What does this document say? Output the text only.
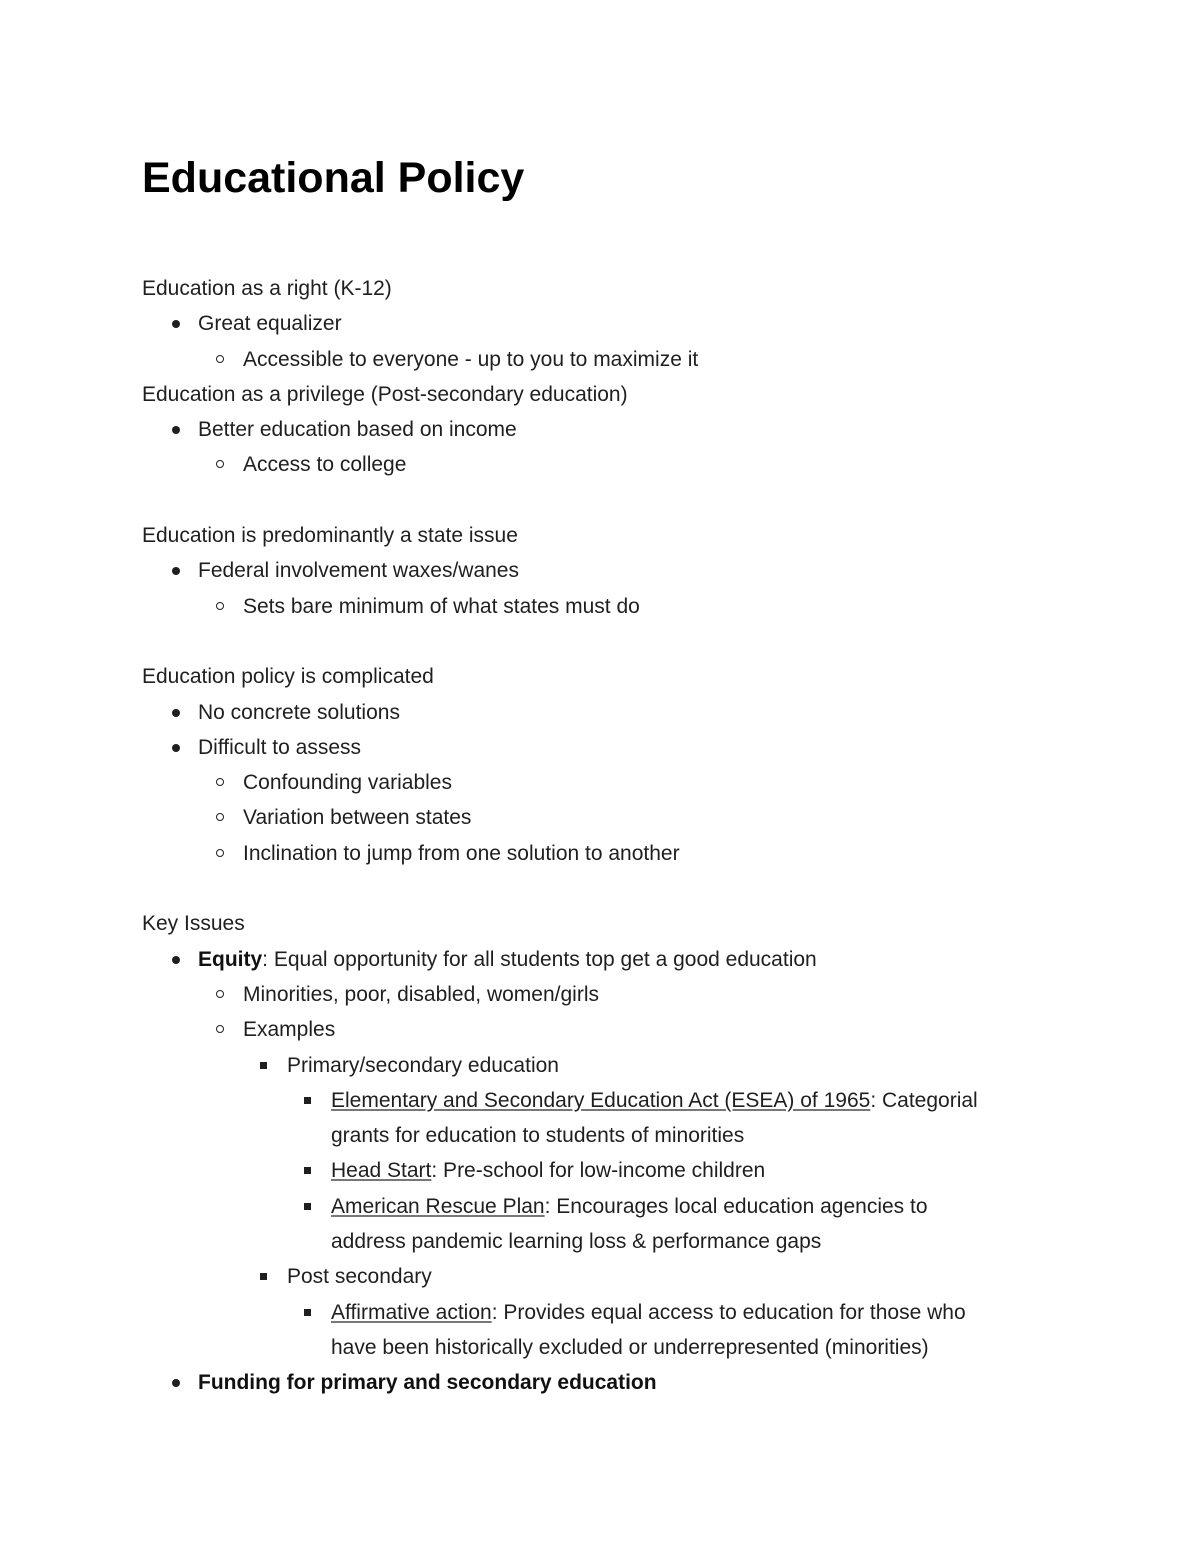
Educational Policy
Education as a right (K-12)
Great equalizer
Accessible to everyone - up to you to maximize it
Education as a privilege (Post-secondary education)
Better education based on income
Access to college
Education is predominantly a state issue
Federal involvement waxes/wanes
Sets bare minimum of what states must do
Education policy is complicated
No concrete solutions
Difficult to assess
Confounding variables
Variation between states
Inclination to jump from one solution to another
Key Issues
Equity: Equal opportunity for all students top get a good education
Minorities, poor, disabled, women/girls
Examples
Primary/secondary education
Elementary and Secondary Education Act (ESEA) of 1965: Categorial
grants for education to students of minorities
Head Start: Pre-school for low-income children
American Rescue Plan: Encourages local education agencies to
address pandemic learning loss & performance gaps
Post secondary
Affirmative action: Provides equal access to education for those who
have been historically excluded or underrepresented (minorities)
Funding for primary and secondary education
